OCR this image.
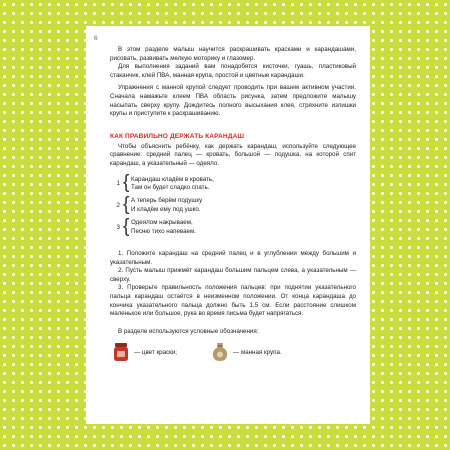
6

В этом разделе малыш научится раскрашивать красками и карандашами, рисовать, развивать мелкую моторику и глазомер.

Для выполнения заданий вам понадобятся кисточки, гуашь, пластиковый стаканчик, клей ПВА, манная крупа, простой и цветные карандаши.

Упражнения с манной крупой следует проводить при вашем активном участии. Сначала намажьте клеем ПВА область рисунка, затем предложите малышу насыпать сверху крупу. Дождитесь полного высыхания клея, стряхните излишки крупы и приступите к раскрашиванию.

КАК ПРАВИЛЬНО ДЕРЖАТЬ КАРАНДАШ

Чтобы объяснить ребёнку, как держать карандаш, используйте следующее сравнение: средний палец — кровать, большой — подушка, на которой спит карандаш, а указательный — одеяло.

1 { Карандаш кладём в кровать,
Там он будет сладко спать.
2 { А теперь берём подушку
И кладём ему под ушко.
3 { Одеялом накрываем,
Песню тихо напеваем.

1. Положите карандаш на средний палец и в углублении между большим и указательным.

2. Пусть малыш прижмёт карандаш большим пальцем слева, а указательным — сверху.

3. Проверьте правильность положения пальцев: при поднятии указательного пальца карандаш остаётся в неизменном положении. От конца карандаша до кончика указательного пальца должно быть 1,5 см. Если расстояние слишком маленькое или большое, рука во время письма будет напрягаться.

В разделе используются условные обозначения:

— цвет краски;	— манная крупа.
